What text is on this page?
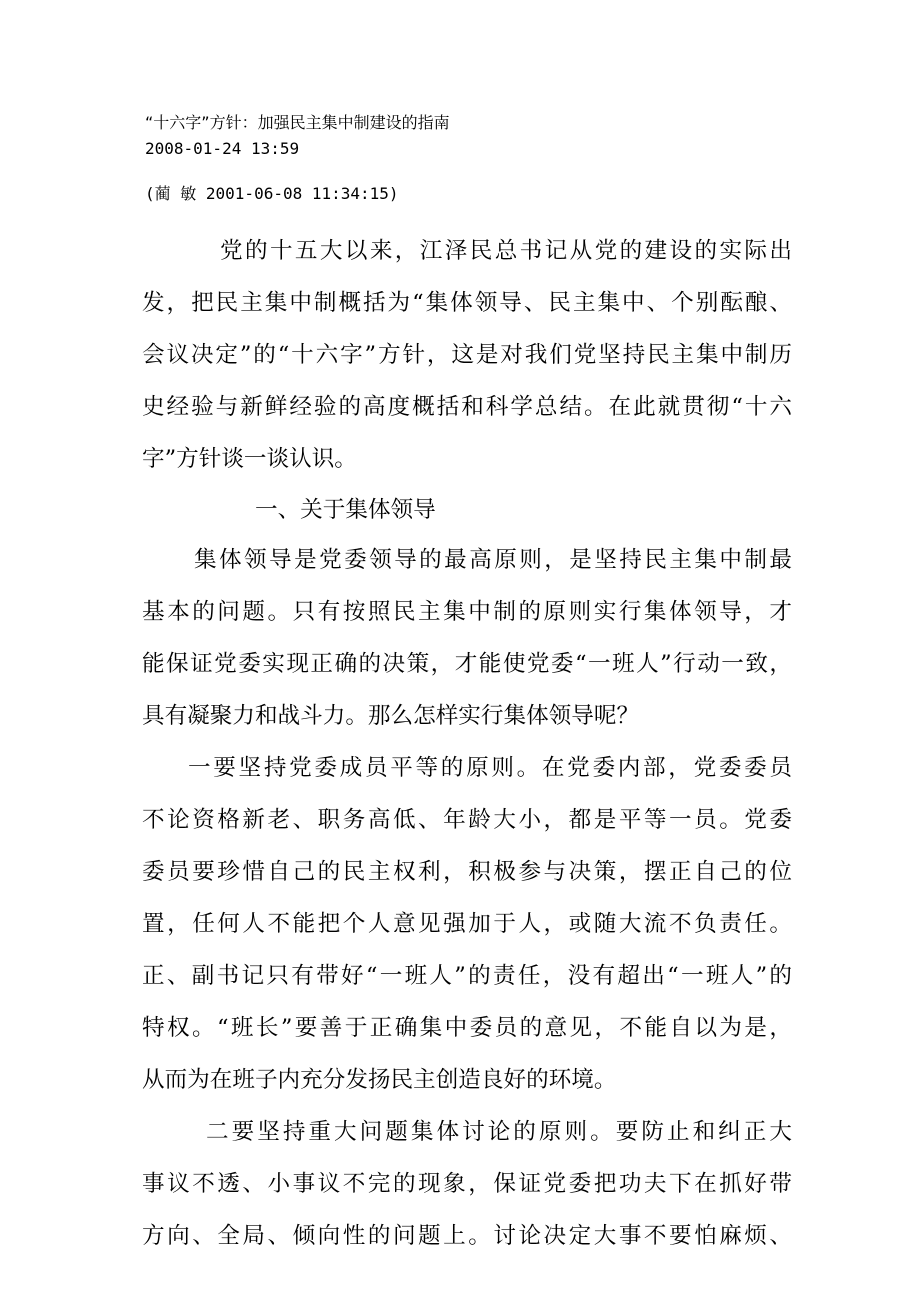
“十六字”方针：加强民主集中制建设的指南
2008-01-24 13:59
(蔺 敏 2001-06-08 11:34:15)
党的十五大以来，江泽民总书记从党的建设的实际出
发，把民主集中制概括为“集体领导、民主集中、个别酝酿、
会议决定”的“十六字”方针，这是对我们党坚持民主集中制历
史经验与新鲜经验的高度概括和科学总结。在此就贯彻“十六
字”方针谈一谈认识。
一、关于集体领导
集体领导是党委领导的最高原则，是坚持民主集中制最
基本的问题。只有按照民主集中制的原则实行集体领导，才
能保证党委实现正确的决策，才能使党委“一班人”行动一致，
具有凝聚力和战斗力。那么怎样实行集体领导呢？
一要坚持党委成员平等的原则。在党委内部，党委委员
不论资格新老、职务高低、年龄大小，都是平等一员。党委
委员要珍惜自己的民主权利，积极参与决策，摆正自己的位
置，任何人不能把个人意见强加于人，或随大流不负责任。
正、副书记只有带好“一班人”的责任，没有超出“一班人”的
特权。“班长”要善于正确集中委员的意见，不能自以为是，
从而为在班子内充分发扬民主创造良好的环境。
二要坚持重大问题集体讨论的原则。要防止和纠正大
事议不透、小事议不完的现象，保证党委把功夫下在抓好带
方向、全局、倾向性的问题上。讨论决定大事不要怕麻烦、
